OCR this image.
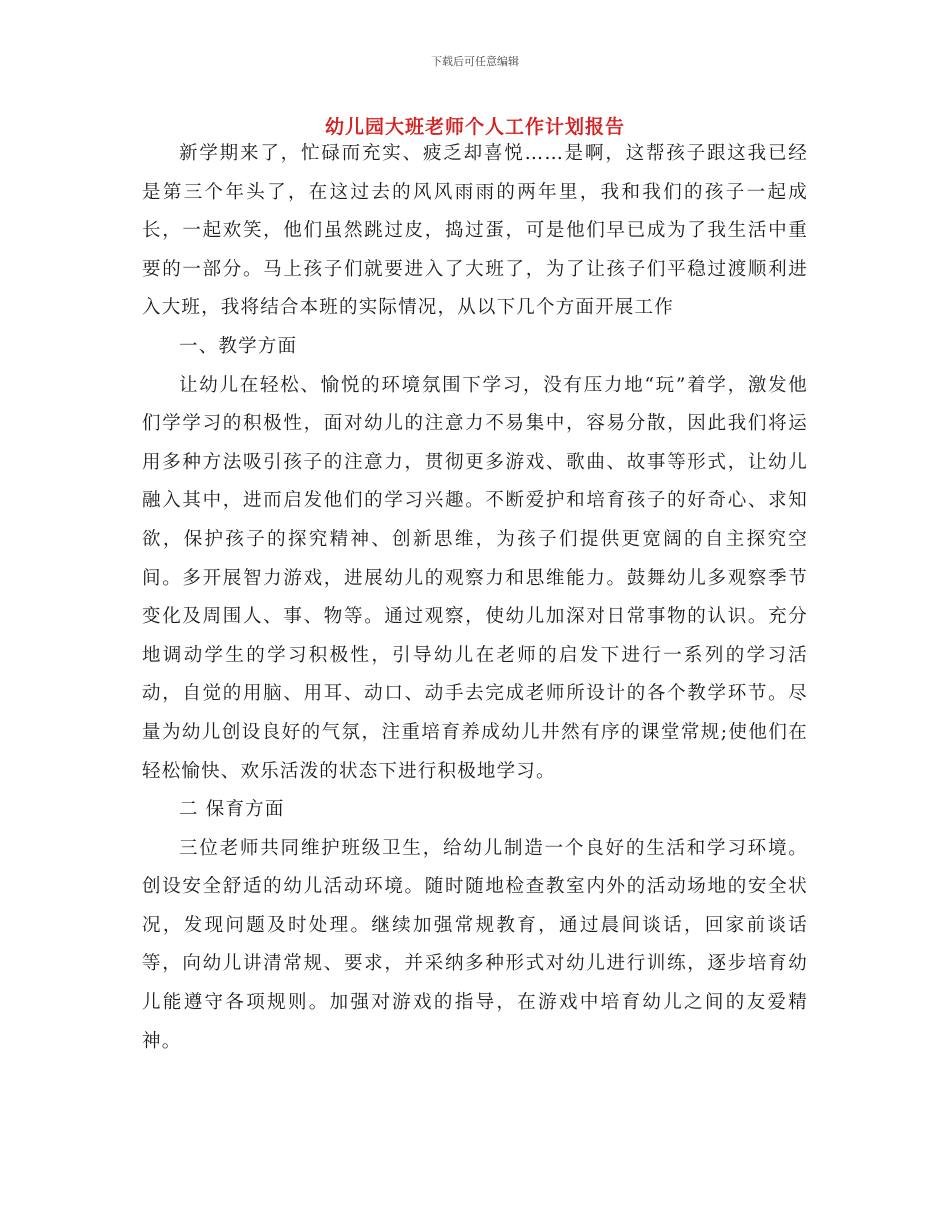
下载后可任意编辑
幼儿园大班老师个人工作计划报告

新学期来了，忙碌而充实、疲乏却喜悦……是啊，这帮孩子跟这我已经是第三个年头了，在这过去的风风雨雨的两年里，我和我们的孩子一起成长，一起欢笑，他们虽然跳过皮，捣过蛋，可是他们早已成为了我生活中重要的一部分。马上孩子们就要进入了大班了，为了让孩子们平稳过渡顺利进入大班，我将结合本班的实际情况，从以下几个方面开展工作

一、教学方面

让幼儿在轻松、愉悦的环境氛围下学习，没有压力地“玩”着学，激发他们学学习的积极性，面对幼儿的注意力不易集中，容易分散，因此我们将运用多种方法吸引孩子的注意力，贯彻更多游戏、歌曲、故事等形式，让幼儿融入其中，进而启发他们的学习兴趣。不断爱护和培育孩子的好奇心、求知欲，保护孩子的探究精神、创新思维，为孩子们提供更宽阔的自主探究空间。多开展智力游戏，进展幼儿的观察力和思维能力。鼓舞幼儿多观察季节变化及周围人、事、物等。通过观察，使幼儿加深对日常事物的认识。充分地调动学生的学习积极性，引导幼儿在老师的启发下进行一系列的学习活动，自觉的用脑、用耳、动口、动手去完成老师所设计的各个教学环节。尽量为幼儿创设良好的气氛，注重培育养成幼儿井然有序的课堂常规;使他们在轻松愉快、欢乐活泼的状态下进行积极地学习。

二 保育方面

三位老师共同维护班级卫生，给幼儿制造一个良好的生活和学习环境。创设安全舒适的幼儿活动环境。随时随地检查教室内外的活动场地的安全状况，发现问题及时处理。继续加强常规教育，通过晨间谈话，回家前谈话等，向幼儿讲清常规、要求，并采纳多种形式对幼儿进行训练，逐步培育幼儿能遵守各项规则。加强对游戏的指导，在游戏中培育幼儿之间的友爱精神。
